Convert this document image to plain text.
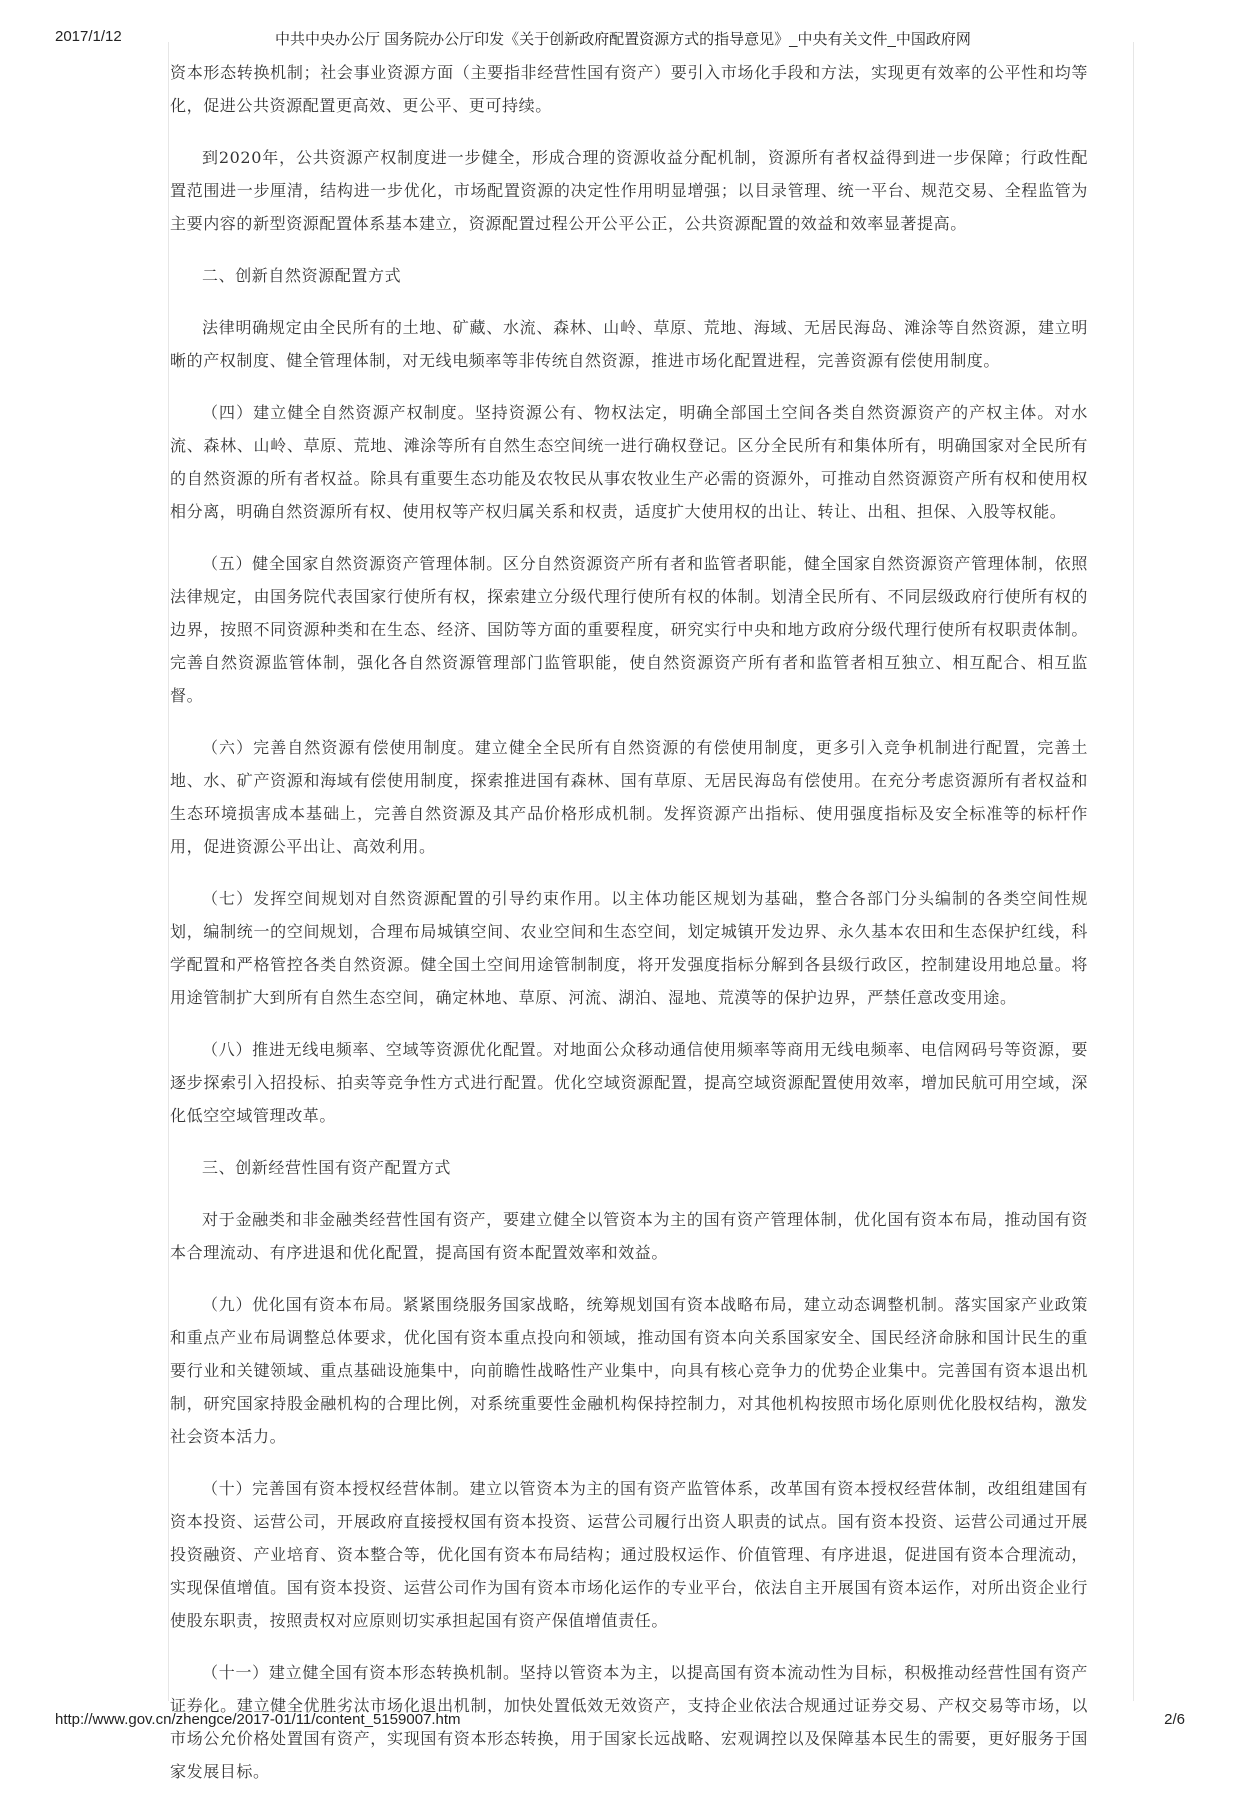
2017/1/12	中共中央办公厅 国务院办公厅印发《关于创新政府配置资源方式的指导意见》_中央有关文件_中国政府网

资本形态转换机制；社会事业资源方面（主要指非经营性国有资产）要引入市场化手段和方法，实现更有效率的公平性和均等化，促进公共资源配置更高效、更公平、更可持续。

到2020年，公共资源产权制度进一步健全，形成合理的资源收益分配机制，资源所有者权益得到进一步保障；行政性配置范围进一步厘清，结构进一步优化，市场配置资源的决定性作用明显增强；以目录管理、统一平台、规范交易、全程监管为主要内容的新型资源配置体系基本建立，资源配置过程公开公平公正，公共资源配置的效益和效率显著提高。

二、创新自然资源配置方式

法律明确规定由全民所有的土地、矿藏、水流、森林、山岭、草原、荒地、海域、无居民海岛、滩涂等自然资源，建立明晰的产权制度、健全管理体制，对无线电频率等非传统自然资源，推进市场化配置进程，完善资源有偿使用制度。

（四）建立健全自然资源产权制度。坚持资源公有、物权法定，明确全部国土空间各类自然资源资产的产权主体。对水流、森林、山岭、草原、荒地、滩涂等所有自然生态空间统一进行确权登记。区分全民所有和集体所有，明确国家对全民所有的自然资源的所有者权益。除具有重要生态功能及农牧民从事农牧业生产必需的资源外，可推动自然资源资产所有权和使用权相分离，明确自然资源所有权、使用权等产权归属关系和权责，适度扩大使用权的出让、转让、出租、担保、入股等权能。

（五）健全国家自然资源资产管理体制。区分自然资源资产所有者和监管者职能，健全国家自然资源资产管理体制，依照法律规定，由国务院代表国家行使所有权，探索建立分级代理行使所有权的体制。划清全民所有、不同层级政府行使所有权的边界，按照不同资源种类和在生态、经济、国防等方面的重要程度，研究实行中央和地方政府分级代理行使所有权职责体制。完善自然资源监管体制，强化各自然资源管理部门监管职能，使自然资源资产所有者和监管者相互独立、相互配合、相互监督。

（六）完善自然资源有偿使用制度。建立健全全民所有自然资源的有偿使用制度，更多引入竞争机制进行配置，完善土地、水、矿产资源和海域有偿使用制度，探索推进国有森林、国有草原、无居民海岛有偿使用。在充分考虑资源所有者权益和生态环境损害成本基础上，完善自然资源及其产品价格形成机制。发挥资源产出指标、使用强度指标及安全标准等的标杆作用，促进资源公平出让、高效利用。

（七）发挥空间规划对自然资源配置的引导约束作用。以主体功能区规划为基础，整合各部门分头编制的各类空间性规划，编制统一的空间规划，合理布局城镇空间、农业空间和生态空间，划定城镇开发边界、永久基本农田和生态保护红线，科学配置和严格管控各类自然资源。健全国土空间用途管制制度，将开发强度指标分解到各县级行政区，控制建设用地总量。将用途管制扩大到所有自然生态空间，确定林地、草原、河流、湖泊、湿地、荒漠等的保护边界，严禁任意改变用途。

（八）推进无线电频率、空域等资源优化配置。对地面公众移动通信使用频率等商用无线电频率、电信网码号等资源，要逐步探索引入招投标、拍卖等竞争性方式进行配置。优化空域资源配置，提高空域资源配置使用效率，增加民航可用空域，深化低空空域管理改革。

三、创新经营性国有资产配置方式

对于金融类和非金融类经营性国有资产，要建立健全以管资本为主的国有资产管理体制，优化国有资本布局，推动国有资本合理流动、有序进退和优化配置，提高国有资本配置效率和效益。

（九）优化国有资本布局。紧紧围绕服务国家战略，统筹规划国有资本战略布局，建立动态调整机制。落实国家产业政策和重点产业布局调整总体要求，优化国有资本重点投向和领域，推动国有资本向关系国家安全、国民经济命脉和国计民生的重要行业和关键领域、重点基础设施集中，向前瞻性战略性产业集中，向具有核心竞争力的优势企业集中。完善国有资本退出机制，研究国家持股金融机构的合理比例，对系统重要性金融机构保持控制力，对其他机构按照市场化原则优化股权结构，激发社会资本活力。

（十）完善国有资本授权经营体制。建立以管资本为主的国有资产监管体系，改革国有资本授权经营体制，改组组建国有资本投资、运营公司，开展政府直接授权国有资本投资、运营公司履行出资人职责的试点。国有资本投资、运营公司通过开展投资融资、产业培育、资本整合等，优化国有资本布局结构；通过股权运作、价值管理、有序进退，促进国有资本合理流动，实现保值增值。国有资本投资、运营公司作为国有资本市场化运作的专业平台，依法自主开展国有资本运作，对所出资企业行使股东职责，按照责权对应原则切实承担起国有资产保值增值责任。

（十一）建立健全国有资本形态转换机制。坚持以管资本为主，以提高国有资本流动性为目标，积极推动经营性国有资产证券化。建立健全优胜劣汰市场化退出机制，加快处置低效无效资产，支持企业依法合规通过证券交易、产权交易等市场，以市场公允价格处置国有资产，实现国有资本形态转换，用于国家长远战略、宏观调控以及保障基本民生的需要，更好服务于国家发展目标。

http://www.gov.cn/zhengce/2017-01/11/content_5159007.htm	2/6
